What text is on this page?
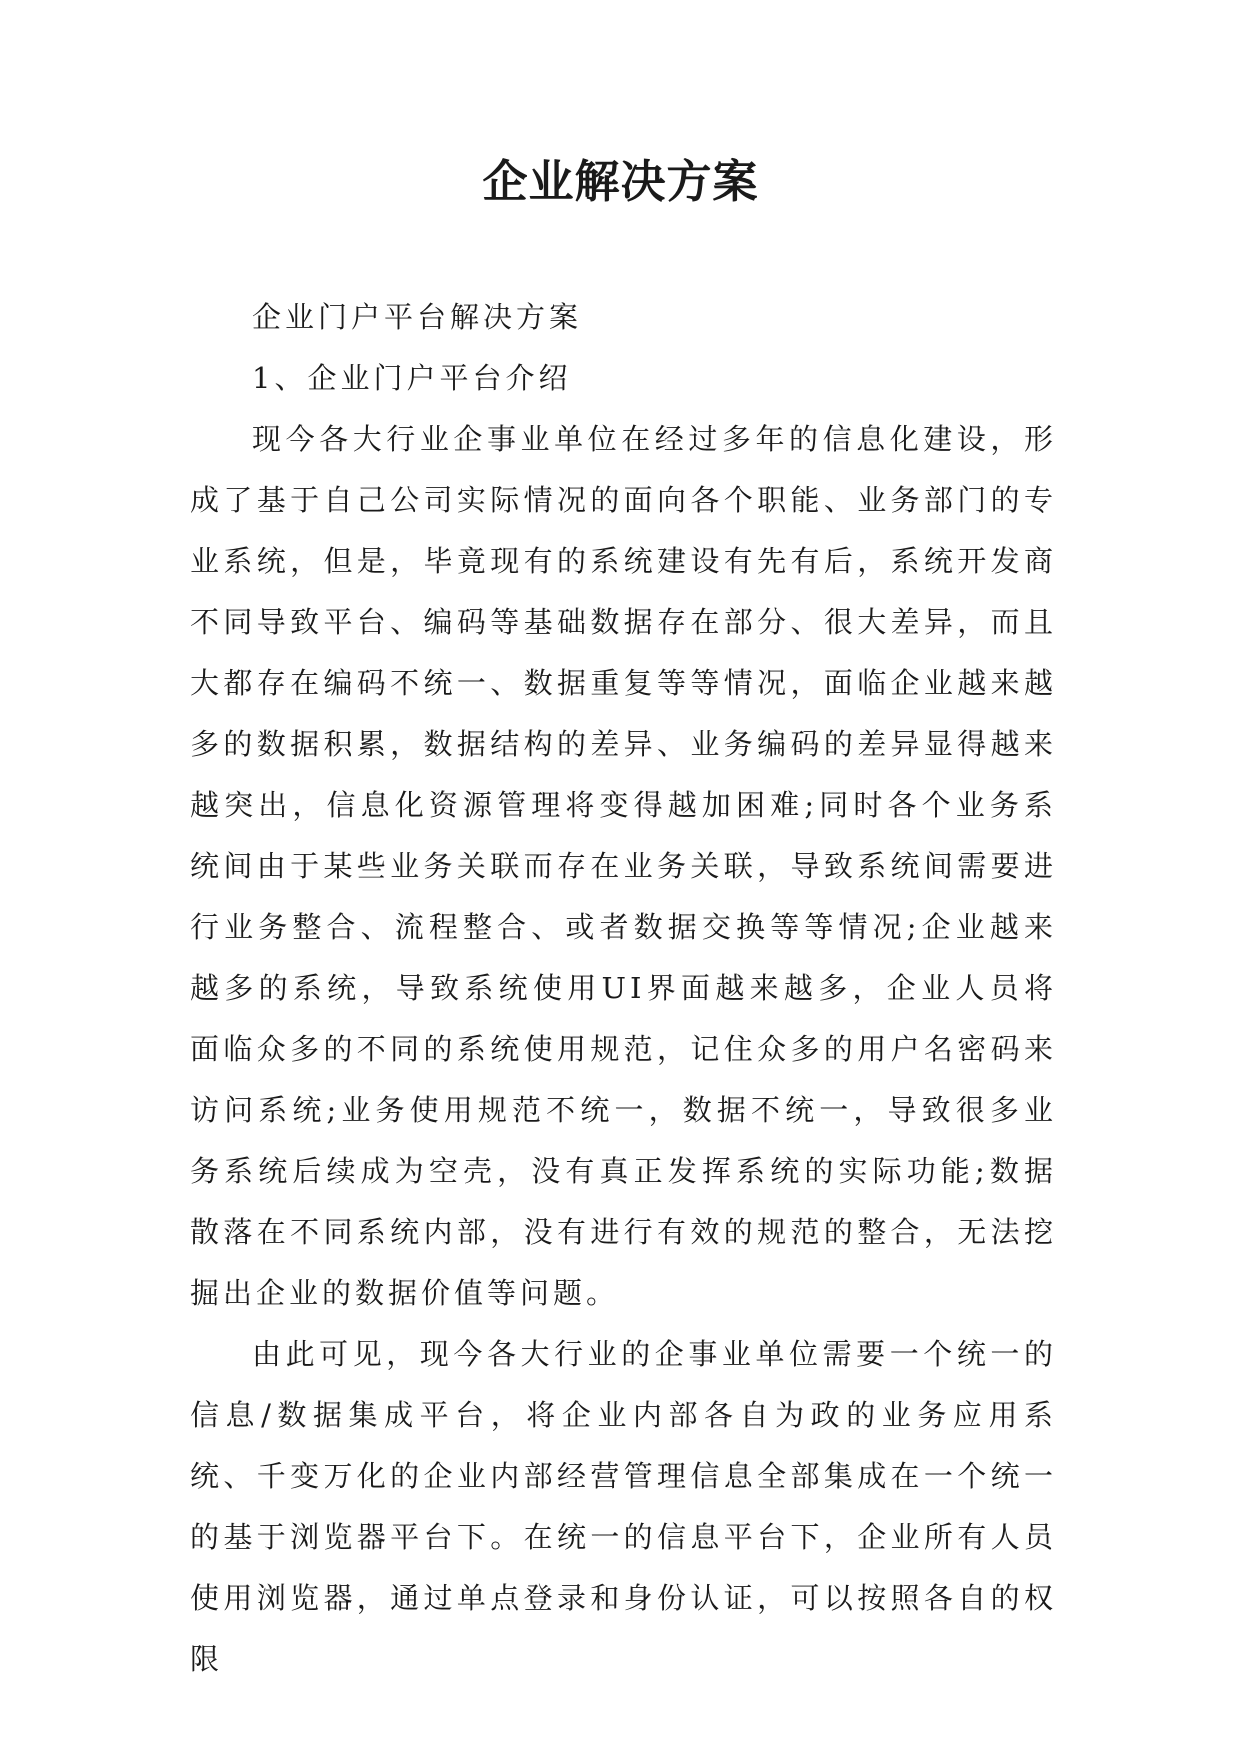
企业解决方案

企业门户平台解决方案

1、企业门户平台介绍

现今各大行业企事业单位在经过多年的信息化建设，形成了基于自己公司实际情况的面向各个职能、业务部门的专业系统，但是，毕竟现有的系统建设有先有后，系统开发商不同导致平台、编码等基础数据存在部分、很大差异，而且大都存在编码不统一、数据重复等等情况，面临企业越来越多的数据积累，数据结构的差异、业务编码的差异显得越来越突出，信息化资源管理将变得越加困难;同时各个业务系统间由于某些业务关联而存在业务关联，导致系统间需要进行业务整合、流程整合、或者数据交换等等情况;企业越来越多的系统，导致系统使用UI界面越来越多，企业人员将面临众多的不同的系统使用规范，记住众多的用户名密码来访问系统;业务使用规范不统一，数据不统一，导致很多业务系统后续成为空壳，没有真正发挥系统的实际功能;数据散落在不同系统内部，没有进行有效的规范的整合，无法挖掘出企业的数据价值等问题。

由此可见，现今各大行业的企事业单位需要一个统一的信息/数据集成平台，将企业内部各自为政的业务应用系统、千变万化的企业内部经营管理信息全部集成在一个统一的基于浏览器平台下。在统一的信息平台下，企业所有人员使用浏览器，通过单点登录和身份认证，可以按照各自的权限
